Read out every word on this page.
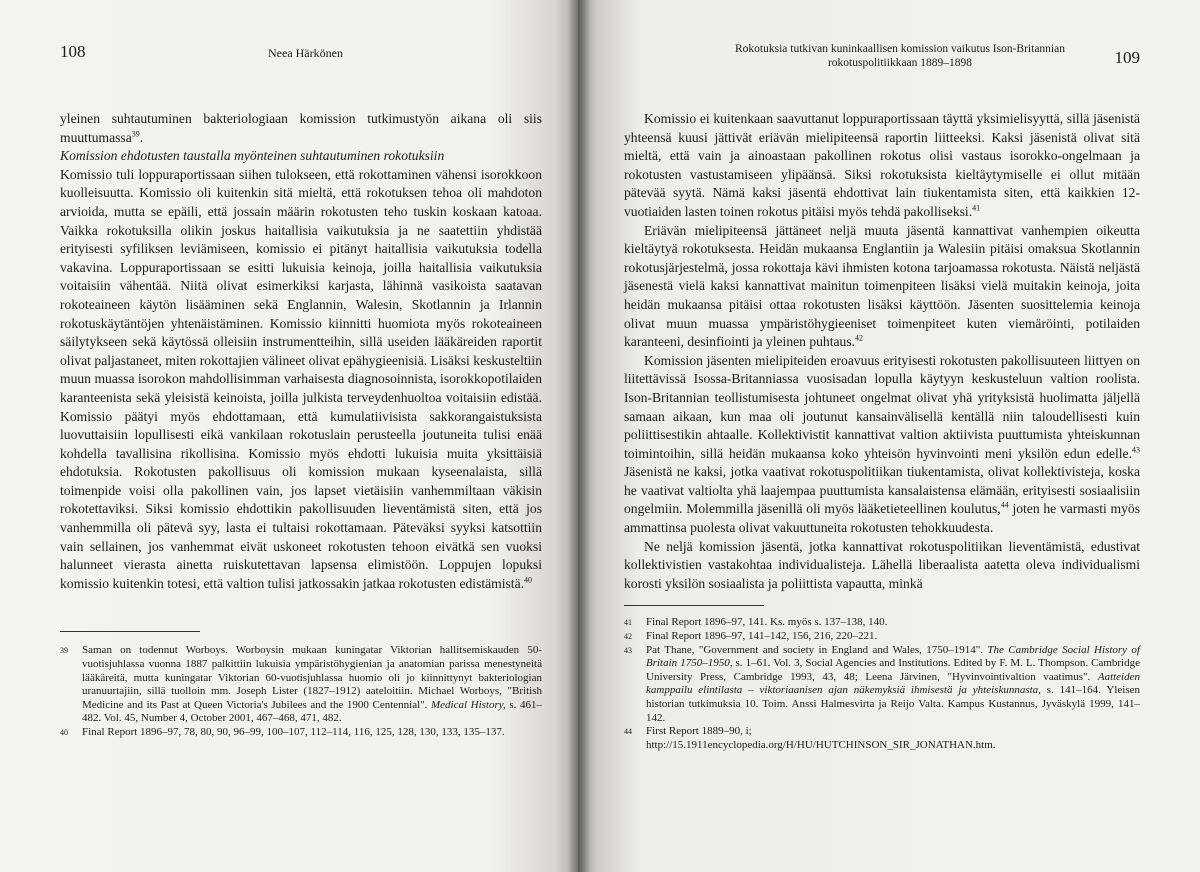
108	Neea Härkönen

yleinen suhtautuminen bakteriologiaan komission tutkimustyön aikana oli siis muuttumassa$^{39}$.

Komission ehdotusten taustalla myönteinen suhtautuminen rokotuksiin

Komissio tuli loppuraportissaan siihen tulokseen, että rokottaminen vähensi isorokkoon kuolleisuutta. Komissio oli kuitenkin sitä mieltä, että rokotuksen tehoa oli mahdoton arvioida, mutta se epäili, että jossain määrin rokotusten teho tuskin koskaan katoaa. Vaikka rokotuksilla olikin joskus haitallisia vaikutuksia ja ne saatettiin yhdistää erityisesti syfiliksen leviämiseen, komissio ei pitänyt haitallisia vaikutuksia todella vakavina. Loppuraportissaan se esitti lukuisia keinoja, joilla haitallisia vaikutuksia voitaisiin vähentää. Niitä olivat esimerkiksi karjasta, lähinnä vasikoista saatavan rokoteaineen käytön lisääminen sekä Englannin, Walesin, Skotlannin ja Irlannin rokotuskäytäntöjen yhtenäistäminen. Komissio kiinnitti huomiota myös rokoteaineen säilytykseen sekä käytössä olleisiin instrumentteihin, sillä useiden lääkäreiden raportit olivat paljastaneet, miten rokottajien välineet olivat epähygieenisiä. Lisäksi keskusteltiin muun muassa isorokon mahdollisimman varhaisesta diagnosoinnista, isorokkopotilaiden karanteenista sekä yleisistä keinoista, joilla julkista terveydenhuoltoa voitaisiin edistää. Komissio päätyi myös ehdottamaan, että kumulatiivisista sakkorangaistuksista luovuttaisiin lopullisesti eikä vankilaan rokotuslain perusteella joutuneita tulisi enää kohdella tavallisina rikollisina. Komissio myös ehdotti lukuisia muita yksittäisiä ehdotuksia. Rokotusten pakollisuus oli komission mukaan kyseenalaista, sillä toimenpide voisi olla pakollinen vain, jos lapset vietäisiin vanhemmiltaan väkisin rokotettaviksi. Siksi komissio ehdottikin pakollisuuden lieventämistä siten, että jos vanhemmilla oli pätevä syy, lasta ei tultaisi rokottamaan. Päteväksi syyksi katsottiin vain sellainen, jos vanhemmat eivät uskoneet rokotusten tehoon eivätkä sen vuoksi halunneet vierasta ainetta ruiskutettavan lapsensa elimistöön. Loppujen lopuksi komissio kuitenkin totesi, että valtion tulisi jatkossakin jatkaa rokotusten edistämistä.$^{40}$

39 Saman on todennut Worboys. Worboysin mukaan kuningatar Viktorian hallitsemiskauden 50-vuotisjuhlassa vuonna 1887 palkittiin lukuisia ympäristöhygienian ja anatomian parissa menestyneitä lääkäreitä, mutta kuningatar Viktorian 60-vuotisjuhlassa huomio oli jo kiinnittynyt bakteriologian uranuurtajiin, sillä tuolloin mm. Joseph Lister (1827–1912) aateloitiin. Michael Worboys, "British Medicine and its Past at Queen Victoria's Jubilees and the 1900 Centennial". Medical History, s. 461–482. Vol. 45, Number 4, October 2001, 467–468, 471, 482.

40 Final Report 1896–97, 78, 80, 90, 96–99, 100–107, 112–114, 116, 125, 128, 130, 133, 135–137.

Rokotuksia tutkivan kuninkaallisen komission vaikutus Ison-Britannian
rokotuspolitiikkaan 1889–1898	109

Komissio ei kuitenkaan saavuttanut loppuraportissaan täyttä yksimielisyyttä, sillä jäsenistä yhteensä kuusi jättivät eriävän mielipiteensä raportin liitteeksi. Kaksi jäsenistä olivat sitä mieltä, että vain ja ainoastaan pakollinen rokotus olisi vastaus isorokko-ongelmaan ja rokotusten vastustamiseen ylipäänsä. Siksi rokotuksista kieltäytymiselle ei ollut mitään pätevää syytä. Nämä kaksi jäsentä ehdottivat lain tiukentamista siten, että kaikkien 12-vuotiaiden lasten toinen rokotus pitäisi myös tehdä pakolliseksi.$^{41}$

Eriävän mielipiteensä jättäneet neljä muuta jäsentä kannattivat vanhempien oikeutta kieltäytyä rokotuksesta. Heidän mukaansa Englantiin ja Walesiin pitäisi omaksua Skotlannin rokotusjärjestelmä, jossa rokottaja kävi ihmisten kotona tarjoamassa rokotusta. Näistä neljästä jäsenestä vielä kaksi kannattivat mainitun toimenpiteen lisäksi vielä muitakin keinoja, joita heidän mukaansa pitäisi ottaa rokotusten lisäksi käyttöön. Jäsenten suosittelemia keinoja olivat muun muassa ympäristöhygieeniset toimenpiteet kuten viemäröinti, potilaiden karanteeni, desinfiointi ja yleinen puhtaus.$^{42}$

Komission jäsenten mielipiteiden eroavuus erityisesti rokotusten pakollisuuteen liittyen on liitettävissä Isossa-Britanniassa vuosisadan lopulla käytyyn keskusteluun valtion roolista. Ison-Britannian teollistumisesta johtuneet ongelmat olivat yhä yrityksistä huolimatta jäljellä samaan aikaan, kun maa oli joutunut kansainvälisellä kentällä niin taloudellisesti kuin poliittisestikin ahtaalle. Kollektivistit kannattivat valtion aktiivista puuttumista yhteiskunnan toimintoihin, sillä heidän mukaansa koko yhteisön hyvinvointi meni yksilön edun edelle.$^{43}$ Jäsenistä ne kaksi, jotka vaativat rokotuspolitiikan tiukentamista, olivat kollektivisteja, koska he vaativat valtiolta yhä laajempaa puuttumista kansalaistensa elämään, erityisesti sosiaalisiin ongelmiin. Molemmilla jäsenillä oli myös lääketieteellinen koulutus,$^{44}$ joten he varmasti myös ammattinsa puolesta olivat vakuuttuneita rokotusten tehokkuudesta.

Ne neljä komission jäsentä, jotka kannattivat rokotuspolitiikan lieventämistä, edustivat kollektivistien vastakohtaa individualisteja. Lähellä liberaalista aatetta oleva individualismi korosti yksilön sosiaalista ja poliittista vapautta, minkä

41 Final Report 1896–97, 141. Ks. myös s. 137–138, 140.

42 Final Report 1896–97, 141–142, 156, 216, 220–221.

43 Pat Thane, "Government and society in England and Wales, 1750–1914". The Cambridge Social History of Britain 1750–1950, s. 1–61. Vol. 3, Social Agencies and Institutions. Edited by F. M. L. Thompson. Cambridge University Press, Cambridge 1993, 43, 48; Leena Järvinen, "Hyvinvointivaltion vaatimus". Aatteiden kamppailu elintilasta – viktoriaanisen ajan näkemyksiä ihmisestä ja yhteiskunnasta, s. 141–164. Yleisen historian tutkimuksia 10. Toim. Anssi Halmesvirta ja Reijo Valta. Kampus Kustannus, Jyväskylä 1999, 141–142.

44 First Report 1889–90, i;
http://15.1911encyclopedia.org/H/HU/HUTCHINSON_SIR_JONATHAN.htm.
